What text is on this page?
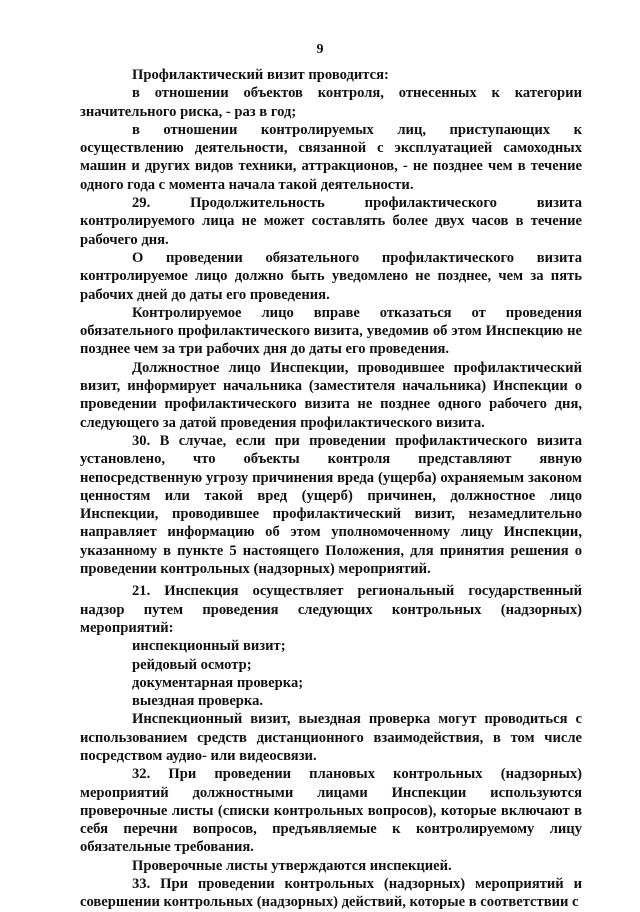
9

Профилактический визит проводится:

в отношении объектов контроля, отнесенных к категории значительного риска, - раз в год;

в отношении контролируемых лиц, приступающих к осуществлению деятельности, связанной с эксплуатацией самоходных машин и других видов техники, аттракционов, - не позднее чем в течение одного года с момента начала такой деятельности.

29. Продолжительность профилактического визита контролируемого лица не может составлять более двух часов в течение рабочего дня.

О проведении обязательного профилактического визита контролируемое лицо должно быть уведомлено не позднее, чем за пять рабочих дней до даты его проведения.

Контролируемое лицо вправе отказаться от проведения обязательного профилактического визита, уведомив об этом Инспекцию не позднее чем за три рабочих дня до даты его проведения.

Должностное лицо Инспекции, проводившее профилактический визит, информирует начальника (заместителя начальника) Инспекции о проведении профилактического визита не позднее одного рабочего дня, следующего за датой проведения профилактического визита.

30. В случае, если при проведении профилактического визита установлено, что объекты контроля представляют явную непосредственную угрозу причинения вреда (ущерба) охраняемым законом ценностям или такой вред (ущерб) причинен, должностное лицо Инспекции, проводившее профилактический визит, незамедлительно направляет информацию об этом уполномоченному лицу Инспекции, указанному в пункте 5 настоящего Положения, для принятия решения о проведении контрольных (надзорных) мероприятий.

21. Инспекция осуществляет региональный государственный надзор путем проведения следующих контрольных (надзорных) мероприятий:

инспекционный визит;

рейдовый осмотр;

документарная проверка;

выездная проверка.

Инспекционный визит, выездная проверка могут проводиться с использованием средств дистанционного взаимодействия, в том числе посредством аудио- или видеосвязи.

32. При проведении плановых контрольных (надзорных) мероприятий должностными лицами Инспекции используются проверочные листы (списки контрольных вопросов), которые включают в себя перечни вопросов, предъявляемые к контролируемому лицу обязательные требования.

Проверочные листы утверждаются инспекцией.

33. При проведении контрольных (надзорных) мероприятий и совершении контрольных (надзорных) действий, которые в соответствии с
